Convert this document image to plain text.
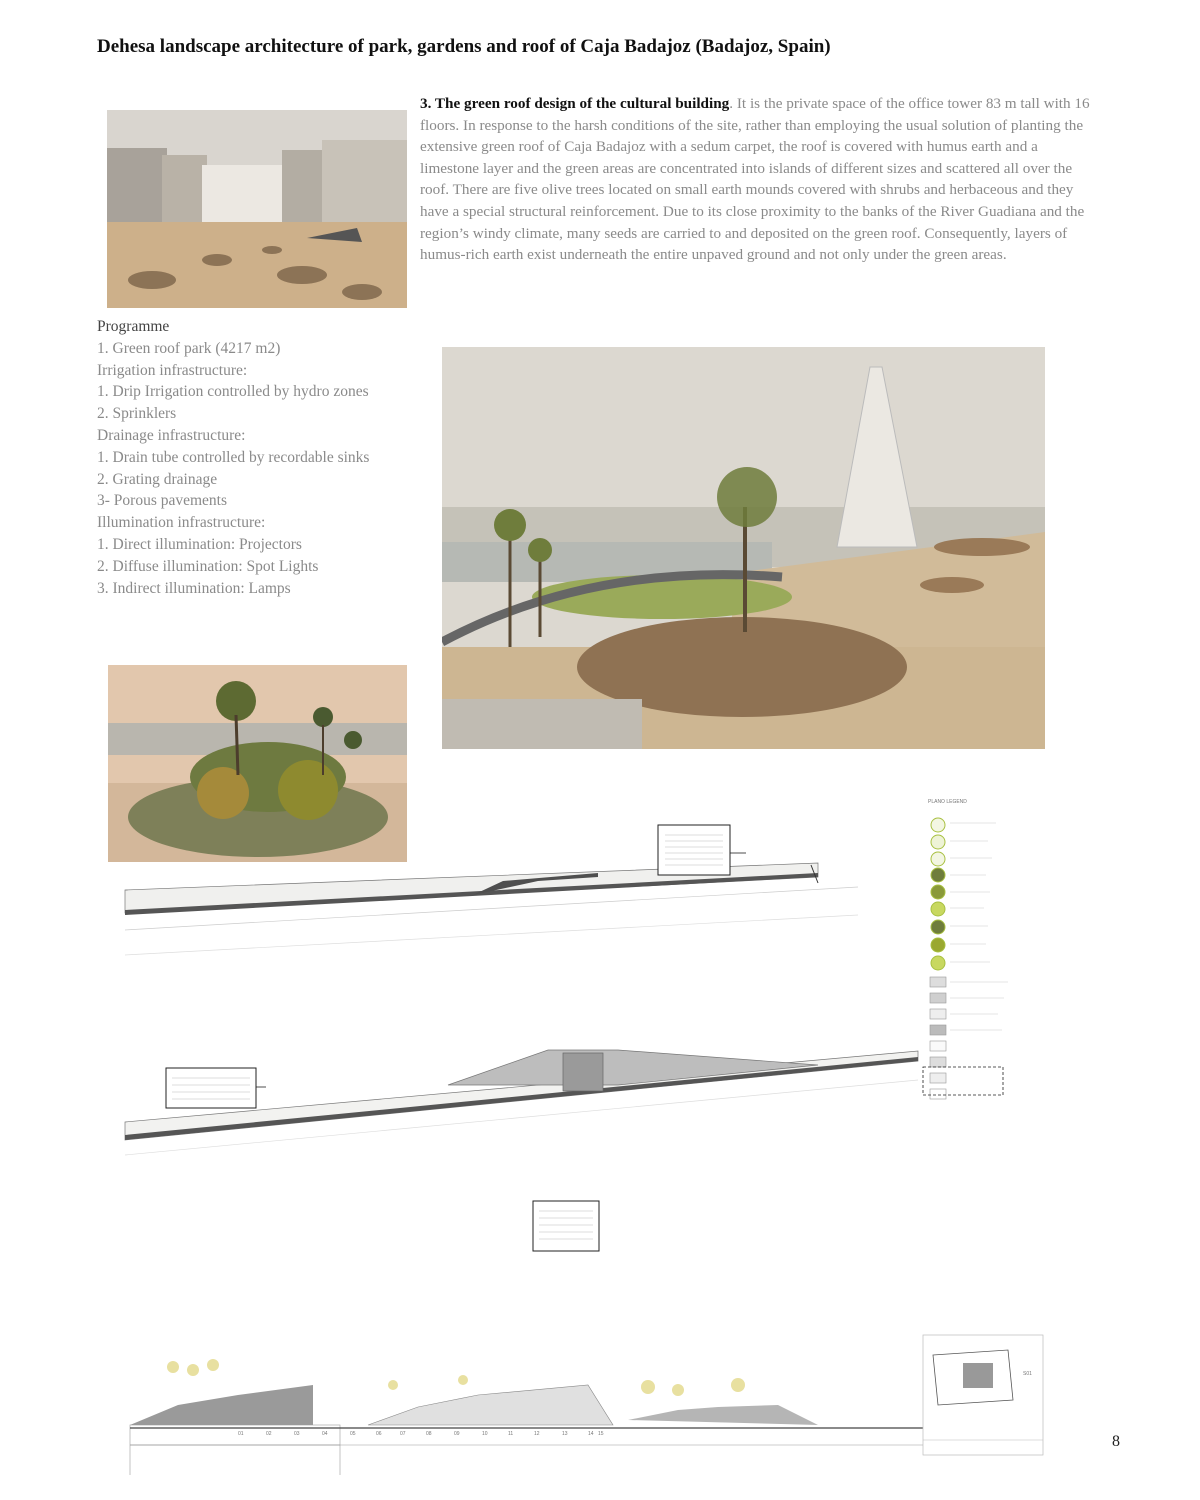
Dehesa landscape architecture of park, gardens and roof of Caja Badajoz (Badajoz, Spain)
3. The green roof design of the cultural building. It is the private space of the office tower 83 m tall with 16 floors. In response to the harsh conditions of the site, rather than employing the usual solution of planting the extensive green roof of Caja Badajoz with a sedum carpet, the roof is covered with humus earth and a limestone layer and the green areas are concentrated into islands of different sizes and scattered all over the roof. There are five olive trees located on small earth mounds covered with shrubs and herbaceous and they have a special structural reinforcement. Due to its close proximity to the banks of the River Guadiana and the region’s windy climate, many seeds are carried to and deposited on the green roof. Consequently, layers of humus-rich earth exist underneath the entire unpaved ground and not only under the green areas.
Programme
1. Green roof park (4217 m2)
Irrigation infrastructure:
1. Drip Irrigation controlled by hydro zones
2. Sprinklers
Drainage infrastructure:
1. Drain tube controlled by recordable sinks
2. Grating drainage
3- Porous pavements
Illumination infrastructure:
1. Direct illumination: Projectors
2. Diffuse illumination: Spot Lights
3. Indirect illumination: Lamps
01	02	03	04	05	06	07	08	09	10	11	12	13	14 15
PLANO LEGEND
S01
8
